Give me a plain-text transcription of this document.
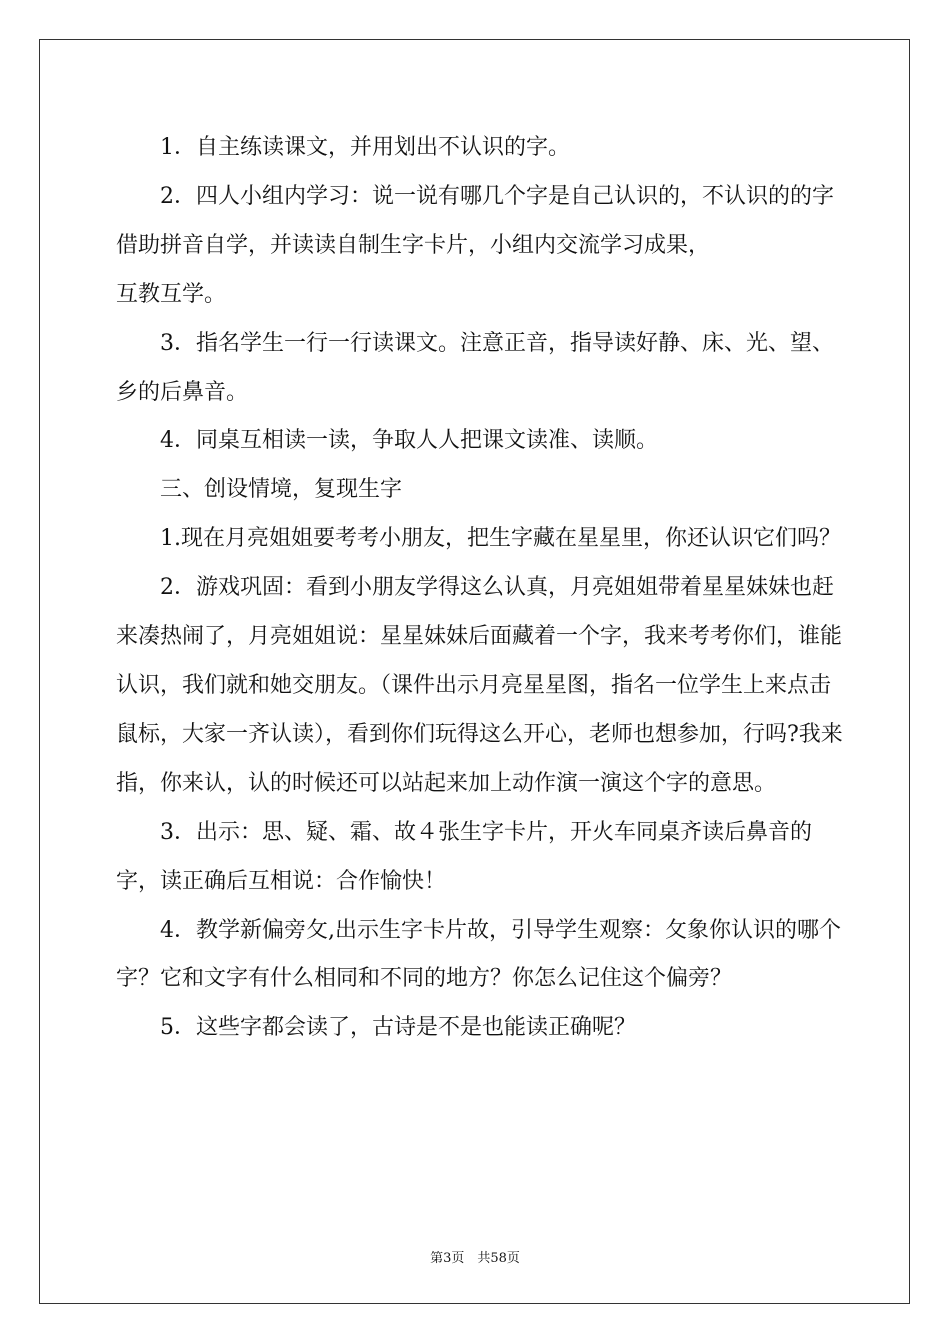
1．自主练读课文，并用划出不认识的字。

2．四人小组内学习：说一说有哪几个字是自己认识的，不认识的的字借助拼音自学，并读读自制生字卡片，小组内交流学习成果，

互教互学。

3．指名学生一行一行读课文。注意正音，指导读好静、床、光、望、乡的后鼻音。

4．同桌互相读一读，争取人人把课文读准、读顺。

三、创设情境，复现生字

1.现在月亮姐姐要考考小朋友，把生字藏在星星里，你还认识它们吗？

2．游戏巩固：看到小朋友学得这么认真，月亮姐姐带着星星妹妹也赶来凑热闹了，月亮姐姐说：星星妹妹后面藏着一个字，我来考考你们，谁能认识，我们就和她交朋友。（课件出示月亮星星图，指名一位学生上来点击鼠标，大家一齐认读），看到你们玩得这么开心，老师也想参加，行吗?我来指，你来认，认的时候还可以站起来加上动作演一演这个字的意思。

3．出示：思、疑、霜、故４张生字卡片，开火车同桌齐读后鼻音的字，读正确后互相说：合作愉快！

4．教学新偏旁攵,出示生字卡片故，引导学生观察：攵象你认识的哪个字？它和文字有什么相同和不同的地方？你怎么记住这个偏旁？

5．这些字都会读了，古诗是不是也能读正确呢？

第3页　共58页
